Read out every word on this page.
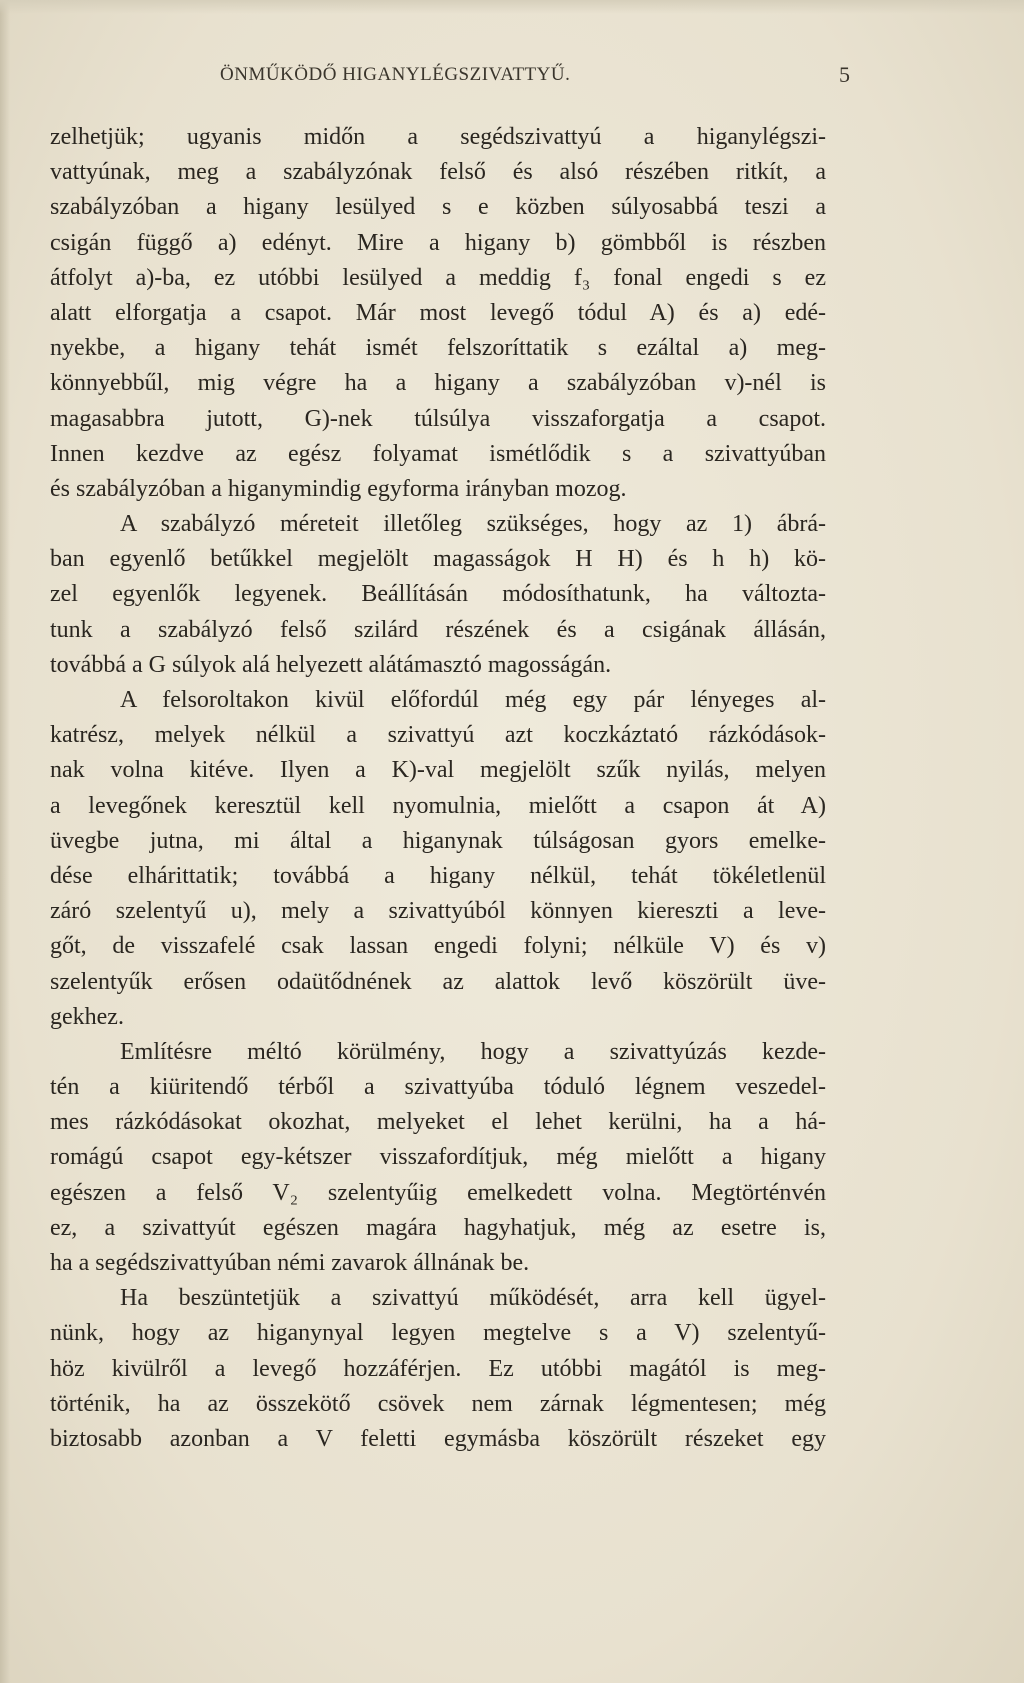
ÖNMŰKÖDŐ HIGANYLÉGSZIVATTYŰ.	5
zelhetjük; ugyanis midőn a segédszivattyú a higanylégszi-
vattyúnak, meg a szabályzónak felső és alsó részében ritkít, a
szabályzóban a higany lesülyed s e közben súlyosabbá teszi a
csigán függő a) edényt. Mire a higany b) gömbből is részben
átfolyt a)-ba, ez utóbbi lesülyed a meddig f₃ fonal engedi s ez
alatt elforgatja a csapot. Már most levegő tódul A) és a) edé-
nyekbe, a higany tehát ismét felszoríttatik s ezáltal a) meg-
könnyebbűl, mig végre ha a higany a szabályzóban v)-nél is
magasabbra jutott, G)-nek túlsúlya visszaforgatja a csapot.
Innen kezdve az egész folyamat ismétlődik s a szivattyúban
és szabályzóban a higanymindig egyforma irányban mozog.
A szabályzó méreteit illetőleg szükséges, hogy az 1) ábrá-
ban egyenlő betűkkel megjelölt magasságok H H) és h h) kö-
zel egyenlők legyenek. Beállításán módosíthatunk, ha változta-
tunk a szabályzó felső szilárd részének és a csigának állásán,
továbbá a G súlyok alá helyezett alátámasztó magosságán.
A felsoroltakon kivül előfordúl még egy pár lényeges al-
katrész, melyek nélkül a szivattyú azt koczkáztató rázkódások-
nak volna kitéve. Ilyen a K)-val megjelölt szűk nyilás, melyen
a levegőnek keresztül kell nyomulnia, mielőtt a csapon át A)
üvegbe jutna, mi által a higanynak túlságosan gyors emelke-
dése elhárittatik; továbbá a higany nélkül, tehát tökéletlenül
záró szelentyű u), mely a szivattyúból könnyen kiereszti a leve-
gőt, de visszafelé csak lassan engedi folyni; nélküle V) és v)
szelentyűk erősen odaütődnének az alattok levő köszörült üve-
gekhez.
Említésre méltó körülmény, hogy a szivattyúzás kezde-
tén a kiüritendő térből a szivattyúba tóduló légnem veszedel-
mes rázkódásokat okozhat, melyeket el lehet kerülni, ha a há-
romágú csapot egy-kétszer visszafordítjuk, még mielőtt a higany
egészen a felső V₂ szelentyűig emelkedett volna. Megtörténvén
ez, a szivattyút egészen magára hagyhatjuk, még az esetre is,
ha a segédszivattyúban némi zavarok állnának be.
Ha beszüntetjük a szivattyú működését, arra kell ügyel-
nünk, hogy az higanynyal legyen megtelve s a V) szelentyű-
höz kivülről a levegő hozzáférjen. Ez utóbbi magától is meg-
történik, ha az összekötő csövek nem zárnak légmentesen; még
biztosabb azonban a V feletti egymásba köszörült részeket egy
